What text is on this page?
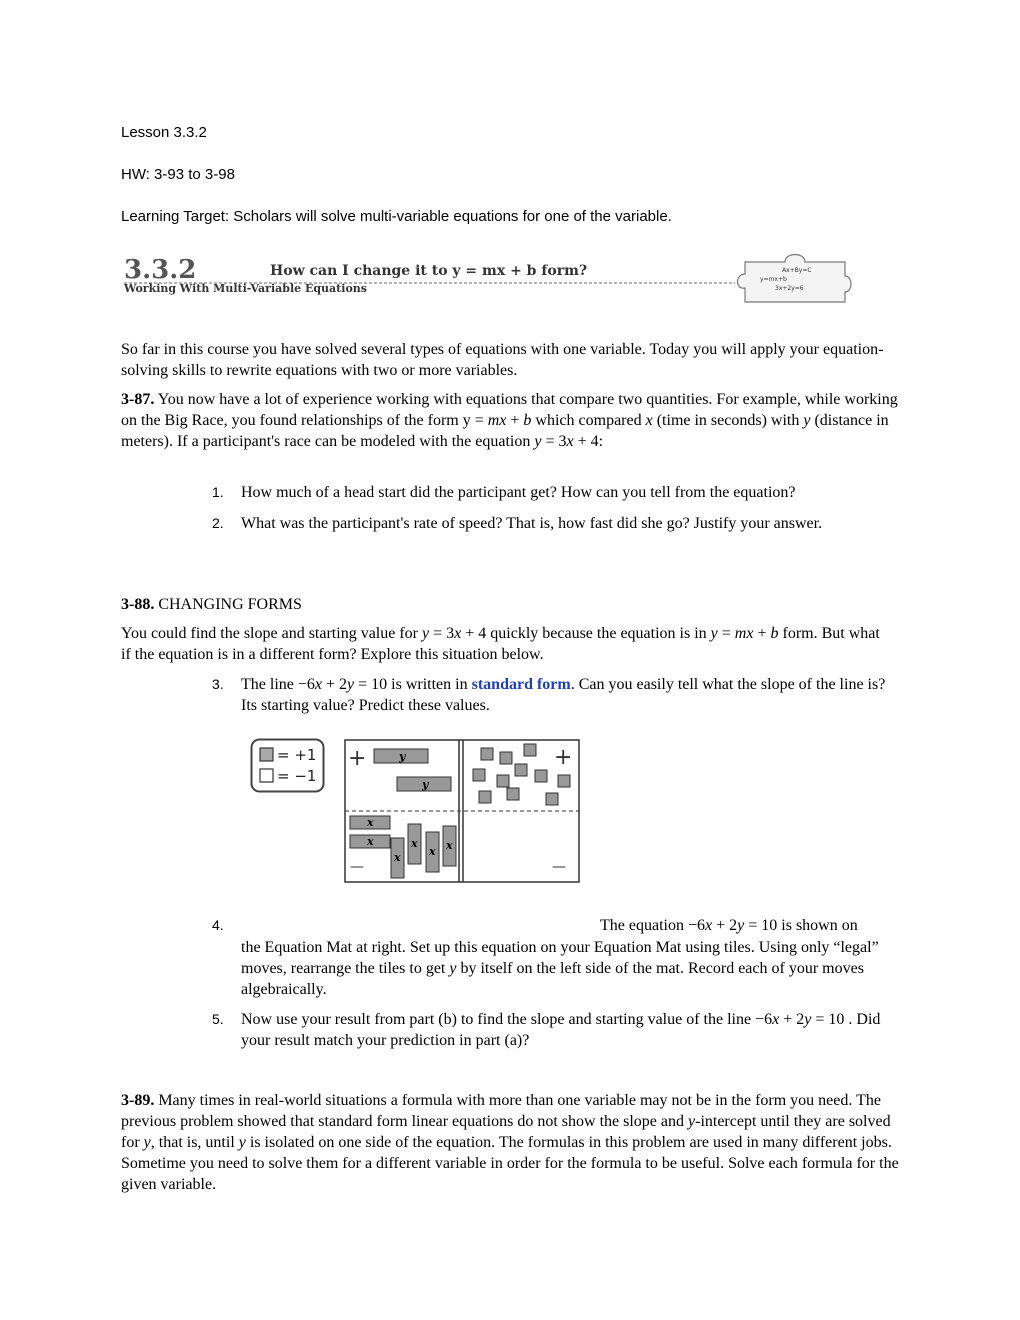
Lesson 3.3.2
HW: 3-93 to 3-98
Learning Target: Scholars will solve multi-variable equations for one of the variable.
3.3.2	How can I change it to y = mx + b form?
Working With Multi-Variable Equations
Ax+By=C
y=mx+b
3x+2y=6
So far in this course you have solved several types of equations with one variable. Today you will apply your equation-solving skills to rewrite equations with two or more variables.
3-87. You now have a lot of experience working with equations that compare two quantities. For example, while working on the Big Race, you found relationships of the form y = mx + b which compared x (time in seconds) with y (distance in meters). If a participant's race can be modeled with the equation y = 3x + 4:
1. How much of a head start did the participant get? How can you tell from the equation?
2. What was the participant's rate of speed? That is, how fast did she go? Justify your answer.
3-88. CHANGING FORMS
You could find the slope and starting value for y = 3x + 4 quickly because the equation is in y = mx + b form. But what if the equation is in a different form? Explore this situation below.
3. The line −6x + 2y = 10 is written in standard form. Can you easily tell what the slope of the line is? Its starting value? Predict these values.
= +1
= −1
+	+
—	—
y
y
x
x
x
x
x x
4.	The equation −6x + 2y = 10 is shown on
the Equation Mat at right. Set up this equation on your Equation Mat using tiles. Using only “legal” moves, rearrange the tiles to get y by itself on the left side of the mat. Record each of your moves algebraically.
5. Now use your result from part (b) to find the slope and starting value of the line −6x + 2y = 10 . Did your result match your prediction in part (a)?
3-89. Many times in real-world situations a formula with more than one variable may not be in the form you need. The previous problem showed that standard form linear equations do not show the slope and y-intercept until they are solved for y, that is, until y is isolated on one side of the equation. The formulas in this problem are used in many different jobs. Sometime you need to solve them for a different variable in order for the formula to be useful. Solve each formula for the given variable.
